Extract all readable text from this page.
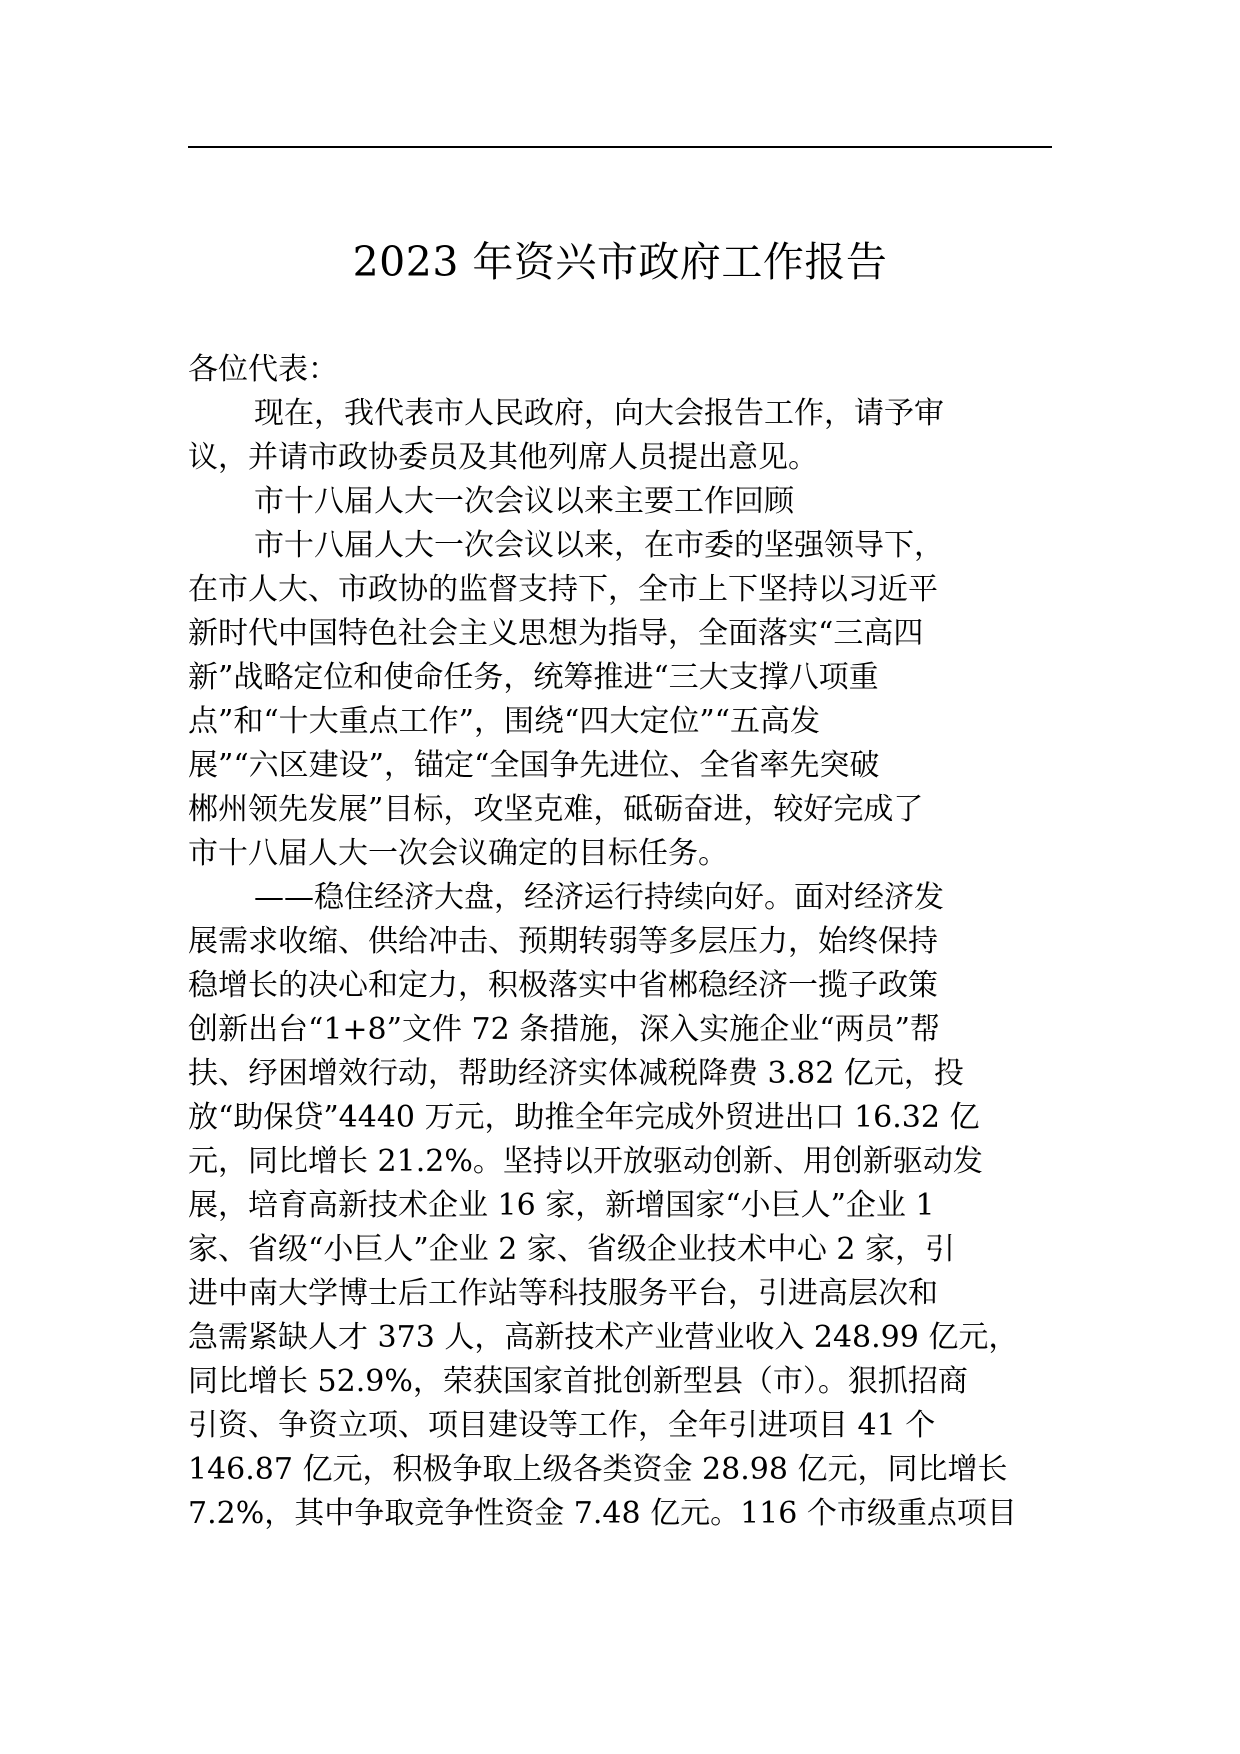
2023 年资兴市政府工作报告
各位代表：
现在，我代表市人民政府，向大会报告工作，请予审
议，并请市政协委员及其他列席人员提出意见。
市十八届人大一次会议以来主要工作回顾
市十八届人大一次会议以来，在市委的坚强领导下，
在市人大、市政协的监督支持下，全市上下坚持以习近平
新时代中国特色社会主义思想为指导，全面落实“三高四
新”战略定位和使命任务，统筹推进“三大支撑八项重
点”和“十大重点工作”，围绕“四大定位”“五高发
展”“六区建设”，锚定“全国争先进位、全省率先突破
郴州领先发展”目标，攻坚克难，砥砺奋进，较好完成了
市十八届人大一次会议确定的目标任务。
——稳住经济大盘，经济运行持续向好。面对经济发
展需求收缩、供给冲击、预期转弱等多层压力，始终保持
稳增长的决心和定力，积极落实中省郴稳经济一揽子政策
创新出台“1+8”文件 72 条措施，深入实施企业“两员”帮
扶、纾困增效行动，帮助经济实体减税降费 3.82 亿元，投
放“助保贷”4440 万元，助推全年完成外贸进出口 16.32 亿
元，同比增长 21.2%。坚持以开放驱动创新、用创新驱动发
展，培育高新技术企业 16 家，新增国家“小巨人”企业 1
家、省级“小巨人”企业 2 家、省级企业技术中心 2 家，引
进中南大学博士后工作站等科技服务平台，引进高层次和
急需紧缺人才 373 人，高新技术产业营业收入 248.99 亿元，
同比增长 52.9%，荣获国家首批创新型县（市）。狠抓招商
引资、争资立项、项目建设等工作，全年引进项目 41 个
146.87 亿元，积极争取上级各类资金 28.98 亿元，同比增长
7.2%，其中争取竞争性资金 7.48 亿元。116 个市级重点项目
